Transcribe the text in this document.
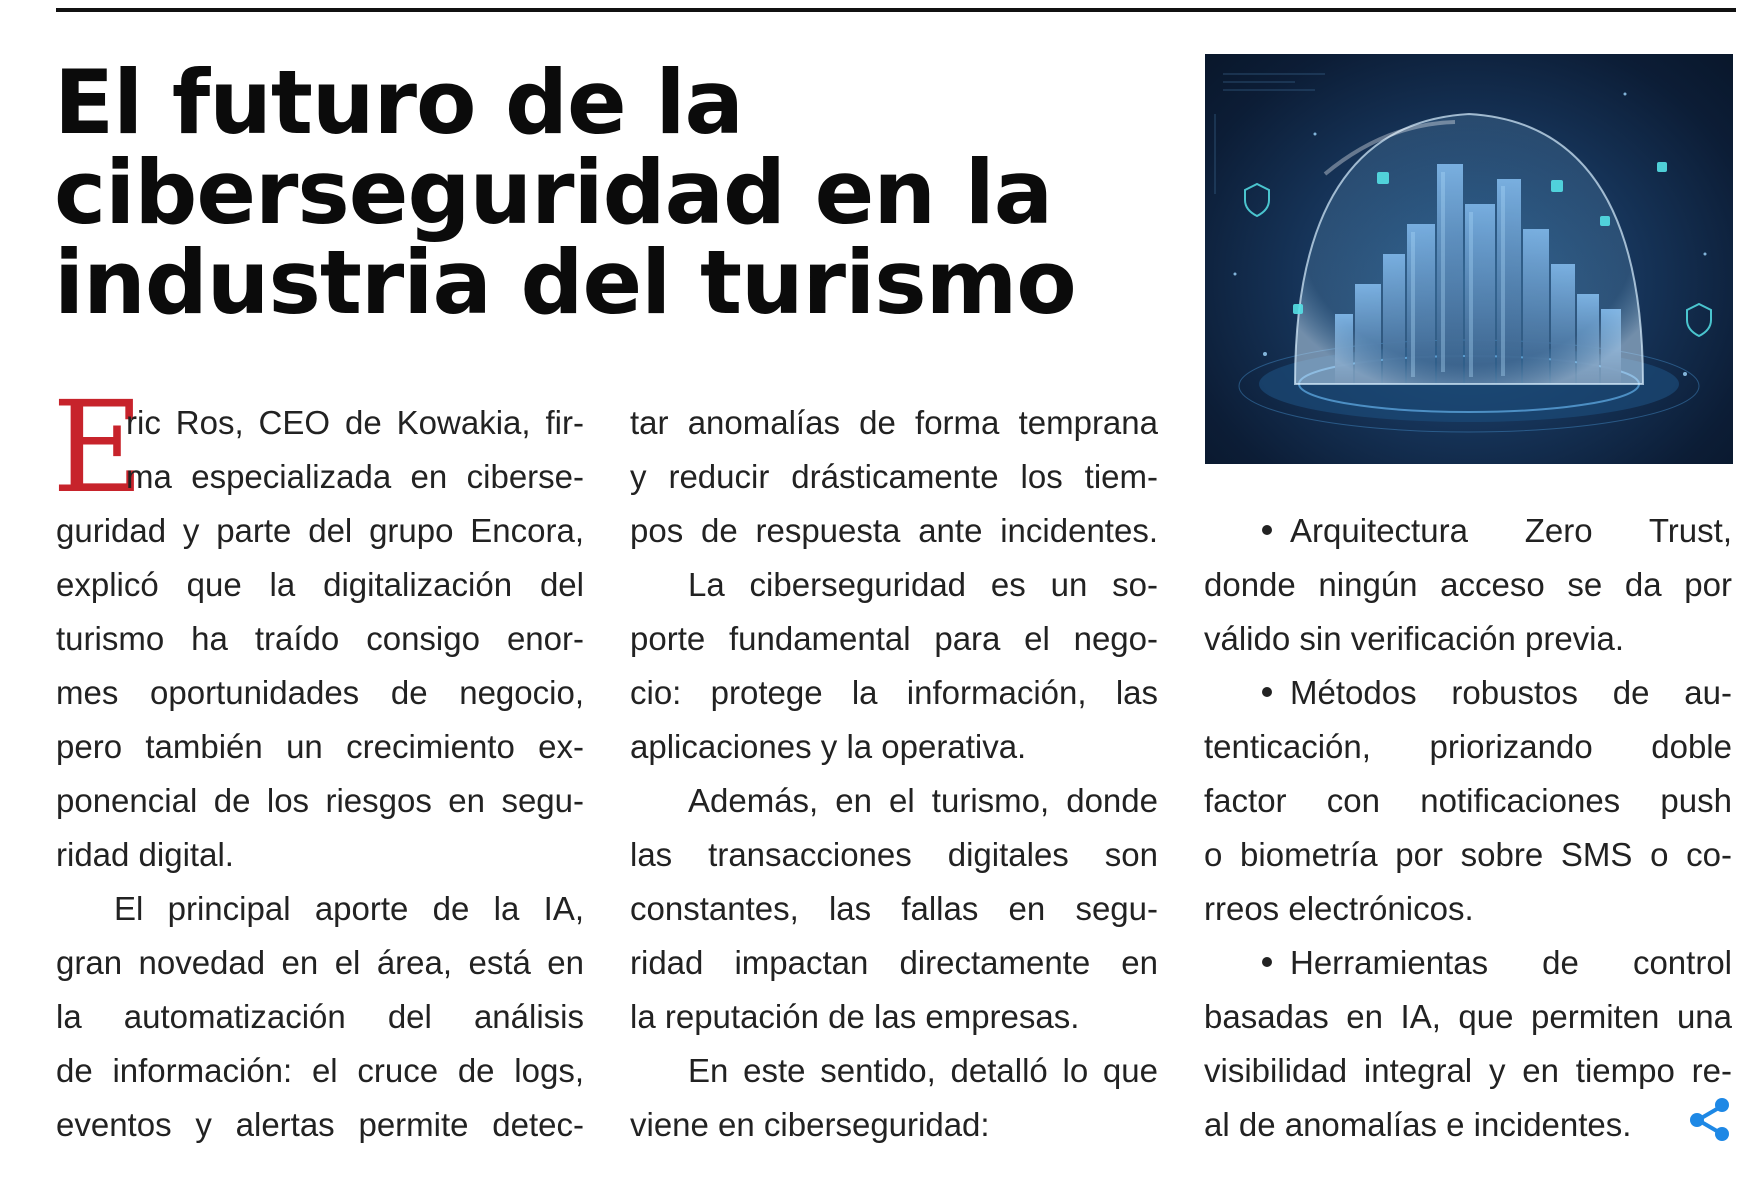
El futuro de la
ciberseguridad en la
industria del turismo
E
ric Ros, CEO de Kowakia, fir-
ma especializada en ciberse-
guridad y parte del grupo Encora,
explicó que la digitalización del
turismo ha traído consigo enor-
mes oportunidades de negocio,
pero también un crecimiento ex-
ponencial de los riesgos en segu-
ridad digital.
El principal aporte de la IA,
gran novedad en el área, está en
la automatización del análisis
de información: el cruce de logs,
eventos y alertas permite detec-
tar anomalías de forma temprana
y reducir drásticamente los tiem-
pos de respuesta ante incidentes.
La ciberseguridad es un so-
porte fundamental para el nego-
cio: protege la información, las
aplicaciones y la operativa.
Además, en el turismo, donde
las transacciones digitales son
constantes, las fallas en segu-
ridad impactan directamente en
la reputación de las empresas.
En este sentido, detalló lo que
viene en ciberseguridad:
Arquitectura Zero Trust,
donde ningún acceso se da por
válido sin verificación previa.
Métodos robustos de au-
tenticación, priorizando doble
factor con notificaciones push
o biometría por sobre SMS o co-
rreos electrónicos.
Herramientas de control
basadas en IA, que permiten una
visibilidad integral y en tiempo re-
al de anomalías e incidentes.
